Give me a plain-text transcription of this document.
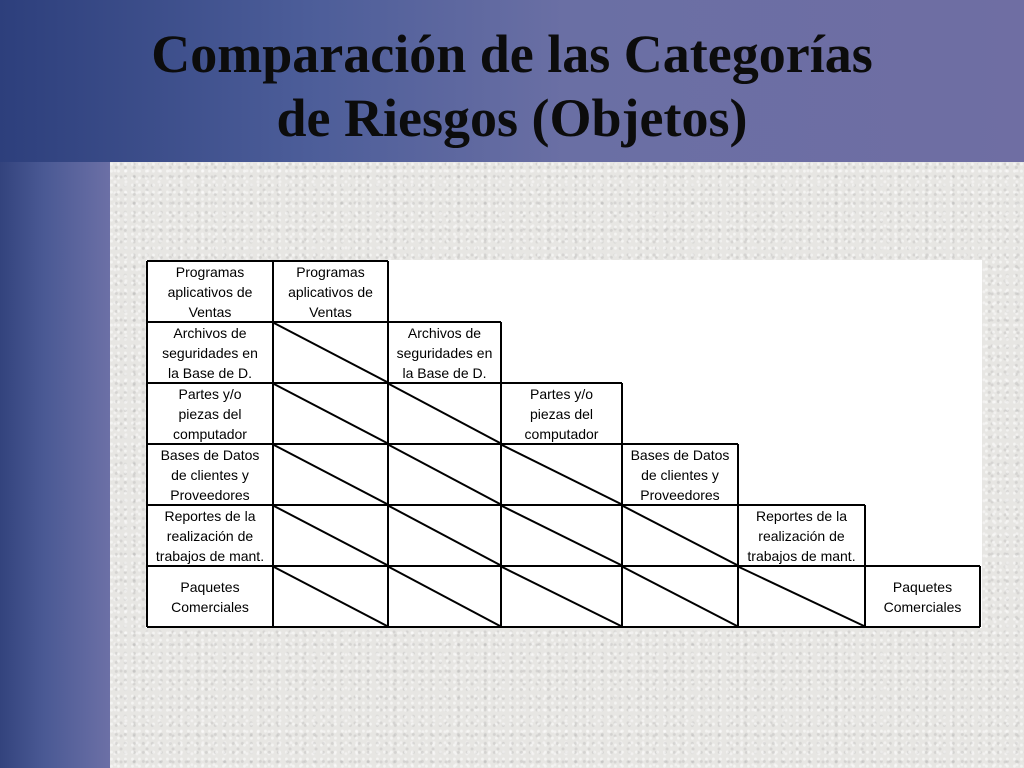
Comparación de las Categorías
de Riesgos (Objetos)
Programas
aplicativos de
Ventas
Archivos de
seguridades en
la Base de D.
Partes y/o
piezas del
computador
Bases de Datos
de clientes y
Proveedores
Reportes de la
realización de
trabajos de mant.
Paquetes
Comerciales
Programas
aplicativos de
Ventas
Archivos de
seguridades en
la Base de D.
Partes y/o
piezas del
computador
Bases de Datos
de clientes y
Proveedores
Reportes de la
realización de
trabajos de mant.
Paquetes
Comerciales
